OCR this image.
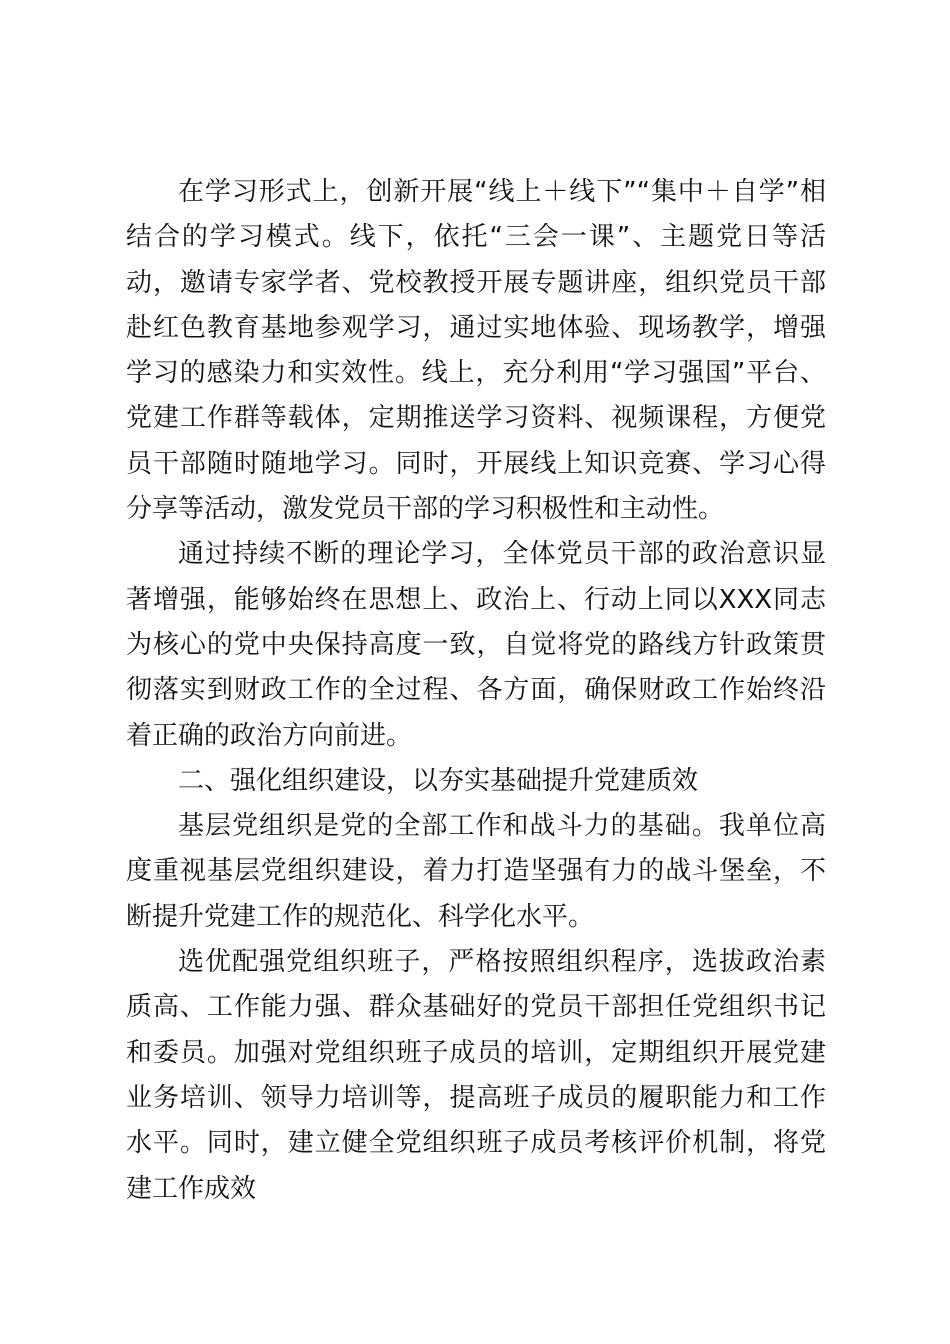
在学习形式上，创新开展“线上＋线下”“集中＋自学”相结合的学习模式。线下，依托“三会一课”、主题党日等活动，邀请专家学者、党校教授开展专题讲座，组织党员干部赴红色教育基地参观学习，通过实地体验、现场教学，增强学习的感染力和实效性。线上，充分利用“学习强国”平台、党建工作群等载体，定期推送学习资料、视频课程，方便党员干部随时随地学习。同时，开展线上知识竞赛、学习心得分享等活动，激发党员干部的学习积极性和主动性。

通过持续不断的理论学习，全体党员干部的政治意识显著增强，能够始终在思想上、政治上、行动上同以XXX同志为核心的党中央保持高度一致，自觉将党的路线方针政策贯彻落实到财政工作的全过程、各方面，确保财政工作始终沿着正确的政治方向前进。

二、强化组织建设，以夯实基础提升党建质效

基层党组织是党的全部工作和战斗力的基础。我单位高度重视基层党组织建设，着力打造坚强有力的战斗堡垒，不断提升党建工作的规范化、科学化水平。

选优配强党组织班子，严格按照组织程序，选拔政治素质高、工作能力强、群众基础好的党员干部担任党组织书记和委员。加强对党组织班子成员的培训，定期组织开展党建业务培训、领导力培训等，提高班子成员的履职能力和工作水平。同时，建立健全党组织班子成员考核评价机制，将党建工作成效
